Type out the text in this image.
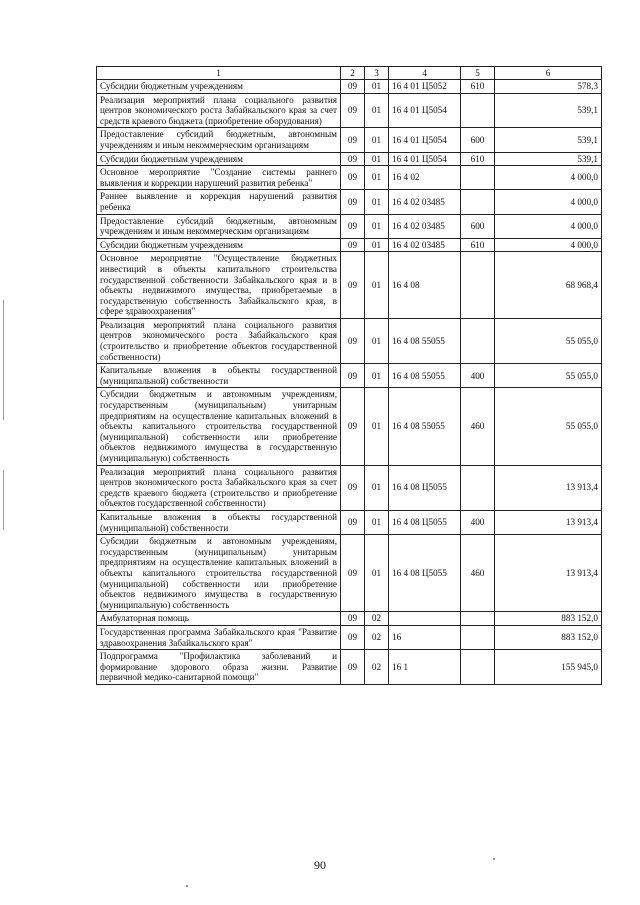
1	2	3	4	5	6
Субсидии бюджетным учреждениям	09	01	16 4 01 Ц5052	610	578,3
Реализация мероприятий плана социального развития центров экономического роста Забайкальского края за счет средств краевого бюджета (приобретение оборудования)	09	01	16 4 01 Ц5054		539,1
Предоставление субсидий бюджетным, автономным учреждениям и иным некоммерческим организациям	09	01	16 4 01 Ц5054	600	539,1
Субсидии бюджетным учреждениям	09	01	16 4 01 Ц5054	610	539,1
Основное мероприятие "Создание системы раннего выявления и коррекции нарушений развития ребенка"	09	01	16 4 02		4 000,0
Раннее выявление и коррекция нарушений развития ребенка	09	01	16 4 02 03485		4 000,0
Предоставление субсидий бюджетным, автономным учреждениям и иным некоммерческим организациям	09	01	16 4 02 03485	600	4 000,0
Субсидии бюджетным учреждениям	09	01	16 4 02 03485	610	4 000,0
Основное мероприятие "Осуществление бюджетных инвестиций в объекты капитального строительства государственной собственности Забайкальского края и в объекты недвижимого имущества, приобретаемые в государственную собственность Забайкальского края, в сфере здравоохранения"	09	01	16 4 08		68 968,4
Реализация мероприятий плана социального развития центров экономического роста Забайкальского края (строительство и приобретение объектов государственной собственности)	09	01	16 4 08 55055		55 055,0
Капитальные вложения в объекты государственной (муниципальной) собственности	09	01	16 4 08 55055	400	55 055,0
Субсидии бюджетным и автономным учреждениям, государственным (муниципальным) унитарным предприятиям на осуществление капитальных вложений в объекты капитального строительства государственной (муниципальной) собственности или приобретение объектов недвижимого имущества в государственную (муниципальную) собственность	09	01	16 4 08 55055	460	55 055,0
Реализация мероприятий плана социального развития центров экономического роста Забайкальского края за счет средств краевого бюджета (строительство и приобретение объектов государственной собственности)	09	01	16 4 08 Ц5055		13 913,4
Капитальные вложения в объекты государственной (муниципальной) собственности	09	01	16 4 08 Ц5055	400	13 913,4
Субсидии бюджетным и автономным учреждениям, государственным (муниципальным) унитарным предприятиям на осуществление капитальных вложений в объекты капитального строительства государственной (муниципальной) собственности или приобретение объектов недвижимого имущества в государственную (муниципальную) собственность	09	01	16 4 08 Ц5055	460	13 913,4
Амбулаторная помощь	09	02			883 152,0
Государственная программа Забайкальского края "Развитие здравоохранения Забайкальского края"	09	02	16		883 152,0
Подпрограмма "Профилактика заболеваний и формирование здорового образа жизни. Развитие первичной медико-санитарной помощи"	09	02	16 1		155 945,0
90
